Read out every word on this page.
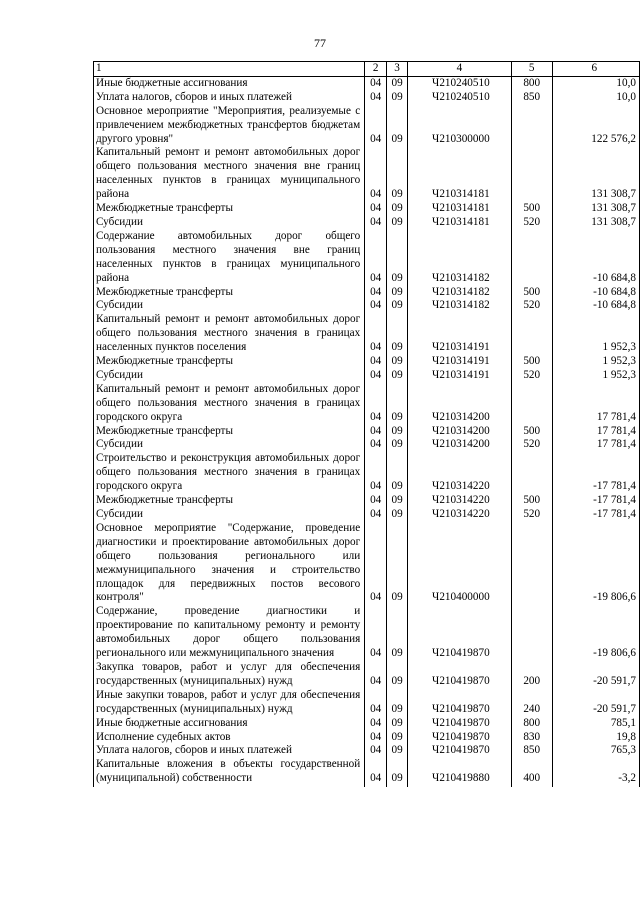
77
1	2	3	4	5	6
Иные бюджетные ассигнования	04	09	Ч210240510	800	10,0
Уплата налогов, сборов и иных платежей	04	09	Ч210240510	850	10,0
Основное мероприятие "Мероприятия, реализуемые с привлечением межбюджетных трансфертов бюджетам другого уровня"	04	09	Ч210300000		122 576,2
Капитальный ремонт и ремонт автомобильных дорог общего пользования местного значения вне границ населенных пунктов в границах муниципального района	04	09	Ч210314181		131 308,7
Межбюджетные трансферты	04	09	Ч210314181	500	131 308,7
Субсидии	04	09	Ч210314181	520	131 308,7
Содержание автомобильных дорог общего пользования местного значения вне границ населенных пунктов в границах муниципального района	04	09	Ч210314182		-10 684,8
Межбюджетные трансферты	04	09	Ч210314182	500	-10 684,8
Субсидии	04	09	Ч210314182	520	-10 684,8
Капитальный ремонт и ремонт автомобильных дорог общего пользования местного значения в границах населенных пунктов поселения	04	09	Ч210314191		1 952,3
Межбюджетные трансферты	04	09	Ч210314191	500	1 952,3
Субсидии	04	09	Ч210314191	520	1 952,3
Капитальный ремонт и ремонт автомобильных дорог общего пользования местного значения в границах городского округа	04	09	Ч210314200		17 781,4
Межбюджетные трансферты	04	09	Ч210314200	500	17 781,4
Субсидии	04	09	Ч210314200	520	17 781,4
Строительство и реконструкция автомобильных дорог общего пользования местного значения в границах городского округа	04	09	Ч210314220		-17 781,4
Межбюджетные трансферты	04	09	Ч210314220	500	-17 781,4
Субсидии	04	09	Ч210314220	520	-17 781,4
Основное мероприятие "Содержание, проведение диагностики и проектирование автомобильных дорог общего пользования регионального или межмуниципального значения и строительство площадок для передвижных постов весового контроля"	04	09	Ч210400000		-19 806,6
Содержание, проведение диагностики и проектирование по капитальному ремонту и ремонту автомобильных дорог общего пользования регионального или межмуниципального значения	04	09	Ч210419870		-19 806,6
Закупка товаров, работ и услуг для обеспечения государственных (муниципальных) нужд	04	09	Ч210419870	200	-20 591,7
Иные закупки товаров, работ и услуг для обеспечения государственных (муниципальных) нужд	04	09	Ч210419870	240	-20 591,7
Иные бюджетные ассигнования	04	09	Ч210419870	800	785,1
Исполнение судебных актов	04	09	Ч210419870	830	19,8
Уплата налогов, сборов и иных платежей	04	09	Ч210419870	850	765,3
Капитальные вложения в объекты государственной (муниципальной) собственности	04	09	Ч210419880	400	-3,2
